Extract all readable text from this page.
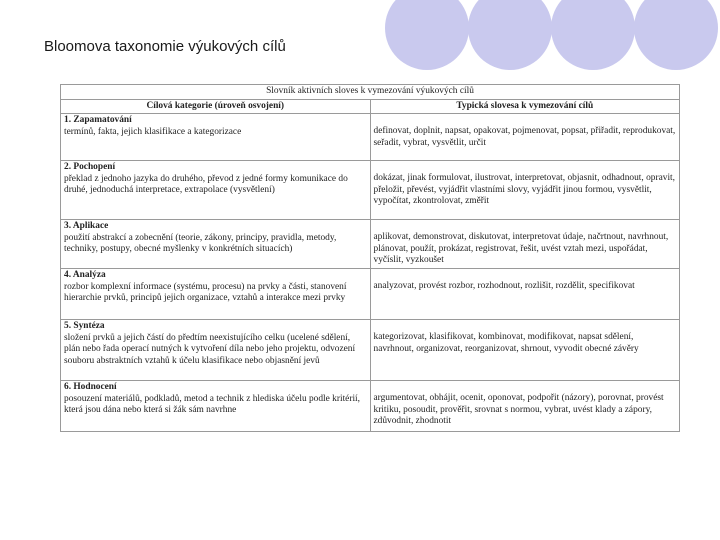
Bloomova taxonomie výukových cílů
Slovník aktivních sloves k vymezování výukových cílů	
Cílová kategorie (úroveň osvojení)	Typická slovesa k vymezování cílů

1. Zapamatování
termínů, fakta, jejich klasifikace a kategorizace	definovat, doplnit, napsat, opakovat, pojmenovat, popsat, přiřadit, reprodukovat, seřadit, vybrat, vysvětlit, určit

2. Pochopení
překlad z jednoho jazyka do druhého, převod z jedné formy komunikace do druhé, jednoduchá interpretace, extrapolace (vysvětlení)	dokázat, jinak formulovat, ilustrovat, interpretovat, objasnit, odhadnout, opravit, přeložit, převést, vyjádřit vlastními slovy, vyjádřit jinou formou, vysvětlit, vypočítat, zkontrolovat, změřit

3. Aplikace
použití abstrakcí a zobecnění (teorie, zákony, principy, pravidla, metody, techniky, postupy, obecné myšlenky v konkrétních situacích)	aplikovat, demonstrovat, diskutovat, interpretovat údaje, načrtnout, navrhnout, plánovat, použít, prokázat, registrovat, řešit, uvést vztah mezi, uspořádat, vyčíslit, vyzkoušet

4. Analýza
rozbor komplexní informace (systému, procesu) na prvky a části, stanovení hierarchie prvků, principů jejich organizace, vztahů a interakce mezi prvky	analyzovat, provést rozbor, rozhodnout, rozlišit, rozdělit, specifikovat

5. Syntéza
složení prvků a jejich částí do předtím neexistujícího celku (ucelené sdělení, plán nebo řada operací nutných k vytvoření díla nebo jeho projektu, odvození souboru abstraktních vztahů k účelu klasifikace nebo objasnění jevů	kategorizovat, klasifikovat, kombinovat, modifikovat, napsat sdělení, navrhnout, organizovat, reorganizovat, shrnout, vyvodit obecné závěry

6. Hodnocení
posouzení materiálů, podkladů, metod a technik z hlediska účelu podle kritérií, která jsou dána nebo která si žák sám navrhne	argumentovat, obhájit, ocenit, oponovat, podpořit (názory), porovnat, provést kritiku, posoudit, prověřit, srovnat s normou, vybrat, uvést klady a zápory, zdůvodnit, zhodnotit
